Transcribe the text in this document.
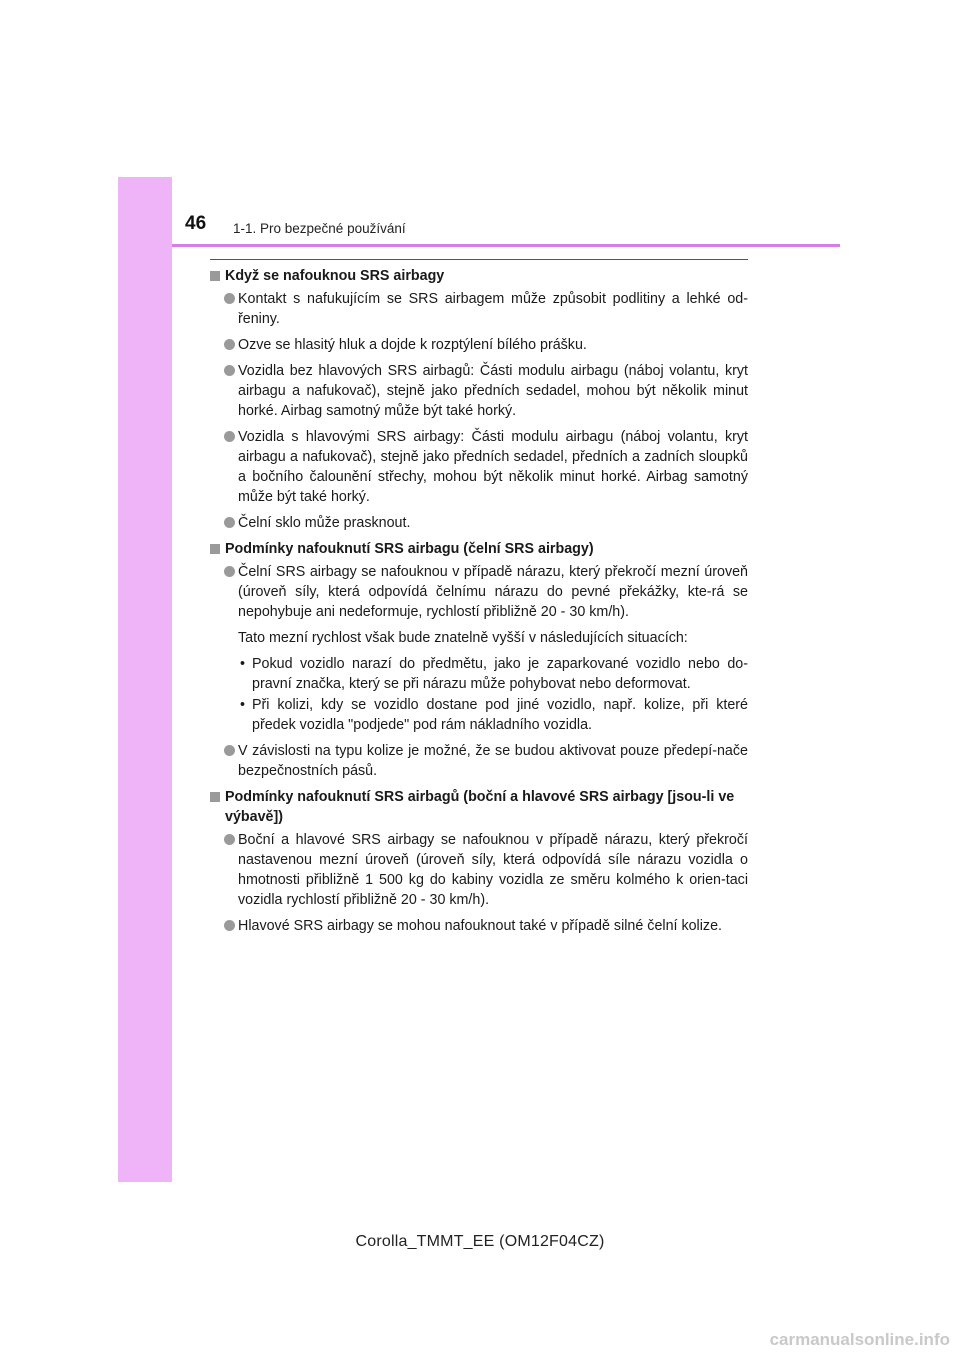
46 1-1. Pro bezpečné používání
Když se nafouknou SRS airbagy
Kontakt s nafukujícím se SRS airbagem může způsobit podlitiny a lehké od-řeniny.
Ozve se hlasitý hluk a dojde k rozptýlení bílého prášku.
Vozidla bez hlavových SRS airbagů: Části modulu airbagu (náboj volantu, kryt airbagu a nafukovač), stejně jako předních sedadel, mohou být několik minut horké. Airbag samotný může být také horký.
Vozidla s hlavovými SRS airbagy: Části modulu airbagu (náboj volantu, kryt airbagu a nafukovač), stejně jako předních sedadel, předních a zadních sloupků a bočního čalounění střechy, mohou být několik minut horké. Airbag samotný může být také horký.
Čelní sklo může prasknout.
Podmínky nafouknutí SRS airbagu (čelní SRS airbagy)
Čelní SRS airbagy se nafouknou v případě nárazu, který překročí mezní úroveň (úroveň síly, která odpovídá čelnímu nárazu do pevné překážky, kte-rá se nepohybuje ani nedeformuje, rychlostí přibližně 20 - 30 km/h).
Tato mezní rychlost však bude znatelně vyšší v následujících situacích:
• Pokud vozidlo narazí do předmětu, jako je zaparkované vozidlo nebo do-pravní značka, který se při nárazu může pohybovat nebo deformovat.
• Při kolizi, kdy se vozidlo dostane pod jiné vozidlo, např. kolize, při které předek vozidla "podjede" pod rám nákladního vozidla.
V závislosti na typu kolize je možné, že se budou aktivovat pouze předepí-nače bezpečnostních pásů.
Podmínky nafouknutí SRS airbagů (boční a hlavové SRS airbagy [jsou-li ve výbavě])
Boční a hlavové SRS airbagy se nafouknou v případě nárazu, který překročí nastavenou mezní úroveň (úroveň síly, která odpovídá síle nárazu vozidla o hmotnosti přibližně 1 500 kg do kabiny vozidla ze směru kolmého k orien-taci vozidla rychlostí přibližně 20 - 30 km/h).
Hlavové SRS airbagy se mohou nafouknout také v případě silné čelní kolize.
Corolla_TMMT_EE (OM12F04CZ)
carmanualsonline.info
